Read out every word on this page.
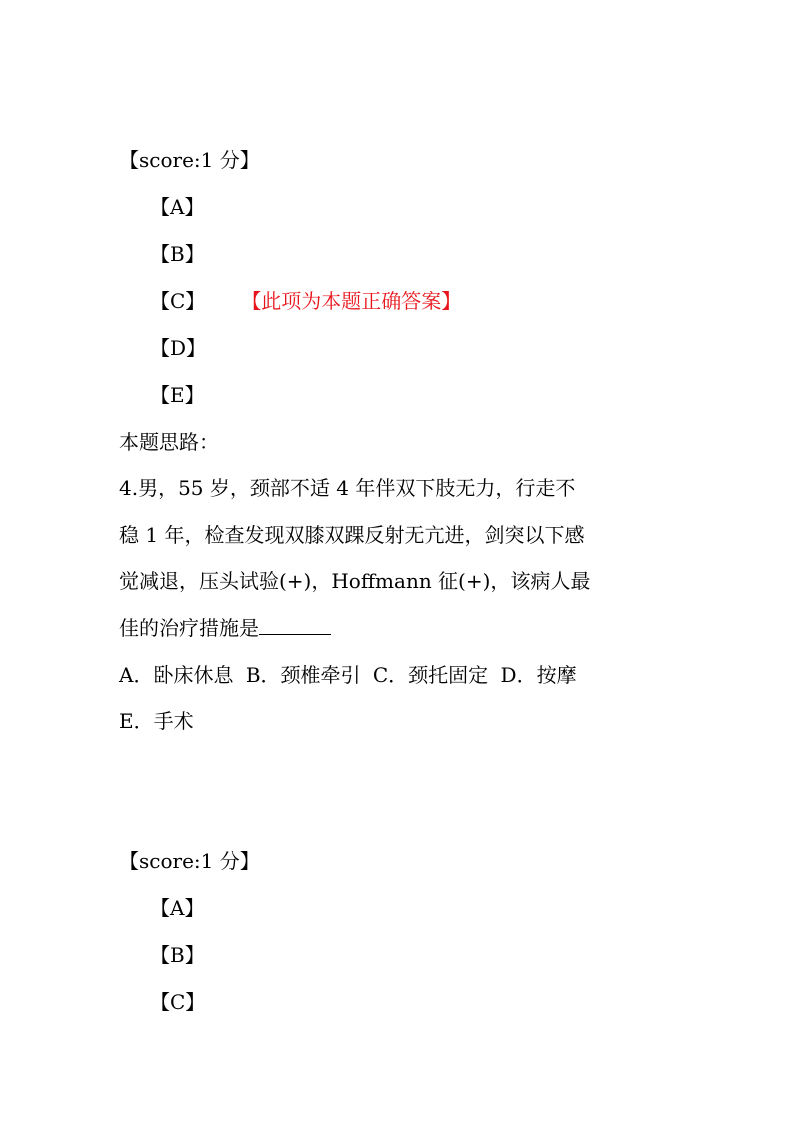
【score:1 分】
【A】
【B】
【C】 【此项为本题正确答案】
【D】
【E】
本题思路：
4.男，55 岁，颈部不适 4 年伴双下肢无力，行走不
稳 1 年，检查发现双膝双踝反射无亢进，剑突以下感
觉减退，压头试验(+)，Hoffmann 征(+)，该病人最
佳的治疗措施是
A．卧床休息 B．颈椎牵引 C．颈托固定 D．按摩
E．手术
【score:1 分】
【A】
【B】
【C】
